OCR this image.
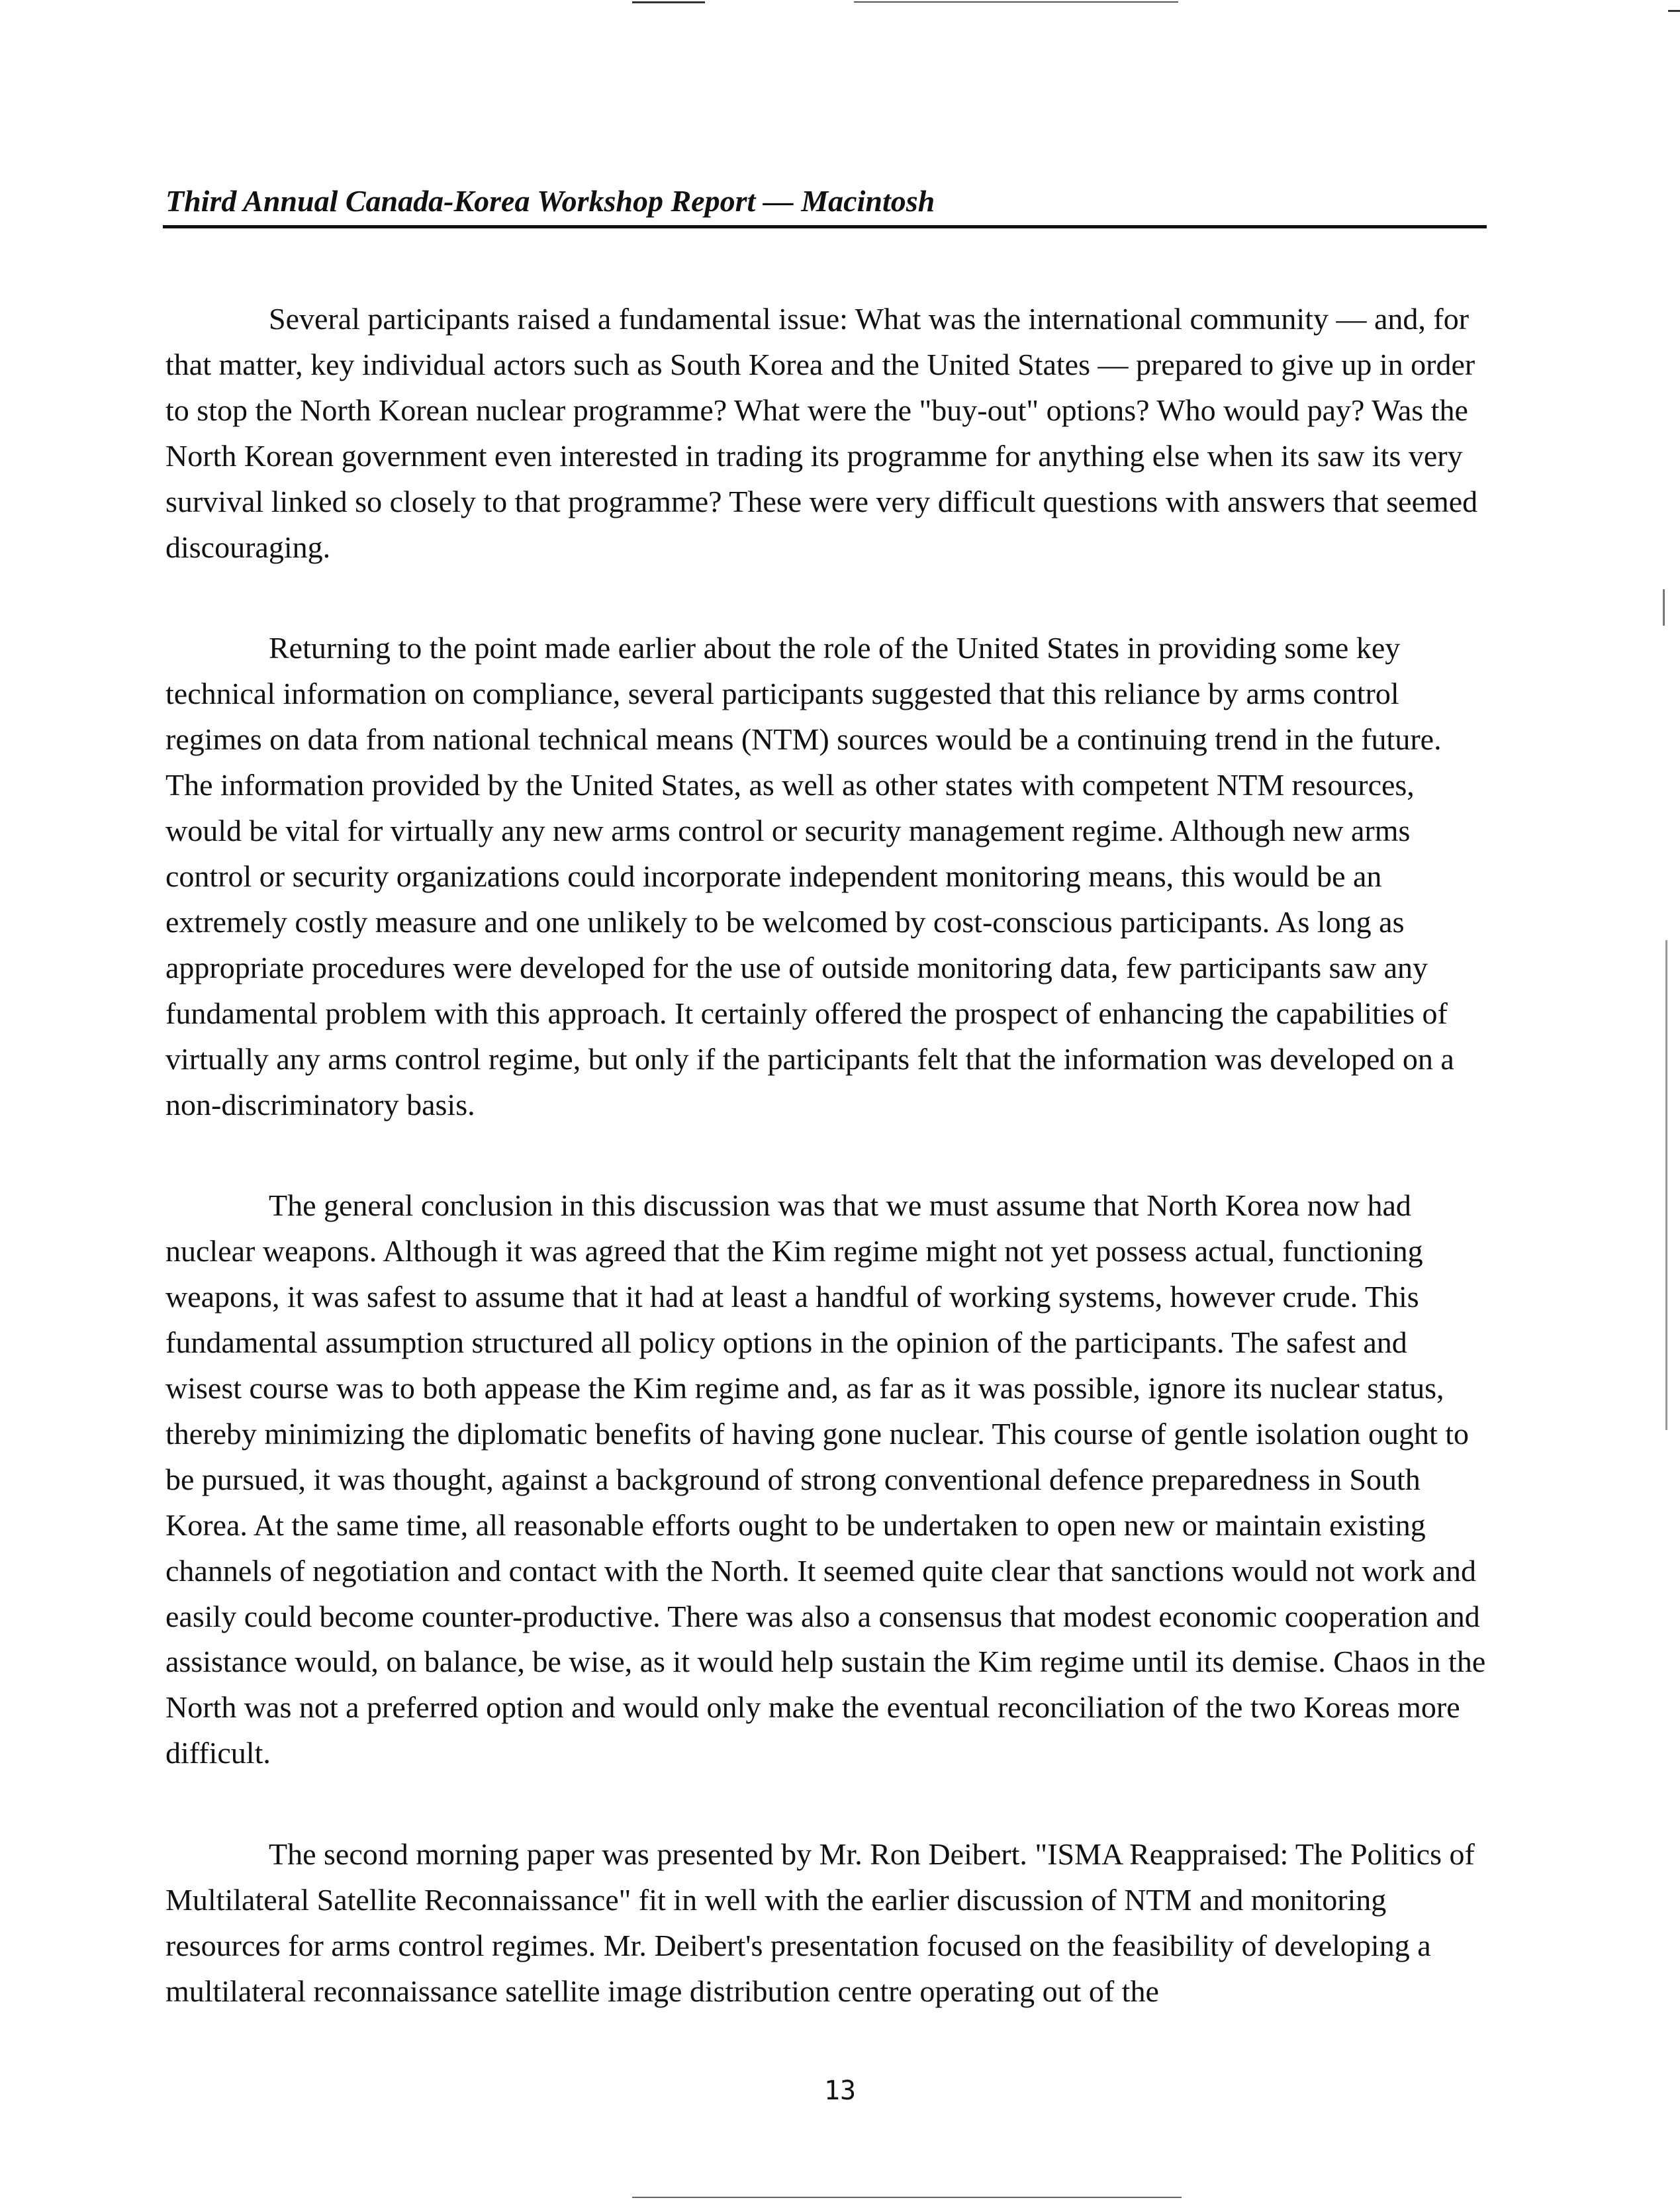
Third Annual Canada-Korea Workshop Report — Macintosh

Several participants raised a fundamental issue: What was the international community — and, for that matter, key individual actors such as South Korea and the United States — prepared to give up in order to stop the North Korean nuclear programme? What were the "buy-out" options? Who would pay? Was the North Korean government even interested in trading its programme for anything else when its saw its very survival linked so closely to that programme? These were very difficult questions with answers that seemed discouraging.

Returning to the point made earlier about the role of the United States in providing some key technical information on compliance, several participants suggested that this reliance by arms control regimes on data from national technical means (NTM) sources would be a continuing trend in the future. The information provided by the United States, as well as other states with competent NTM resources, would be vital for virtually any new arms control or security management regime. Although new arms control or security organizations could incorporate independent monitoring means, this would be an extremely costly measure and one unlikely to be welcomed by cost-conscious participants. As long as appropriate procedures were developed for the use of outside monitoring data, few participants saw any fundamental problem with this approach. It certainly offered the prospect of enhancing the capabilities of virtually any arms control regime, but only if the participants felt that the information was developed on a non-discriminatory basis.

The general conclusion in this discussion was that we must assume that North Korea now had nuclear weapons. Although it was agreed that the Kim regime might not yet possess actual, functioning weapons, it was safest to assume that it had at least a handful of working systems, however crude. This fundamental assumption structured all policy options in the opinion of the participants. The safest and wisest course was to both appease the Kim regime and, as far as it was possible, ignore its nuclear status, thereby minimizing the diplomatic benefits of having gone nuclear. This course of gentle isolation ought to be pursued, it was thought, against a background of strong conventional defence preparedness in South Korea. At the same time, all reasonable efforts ought to be undertaken to open new or maintain existing channels of negotiation and contact with the North. It seemed quite clear that sanctions would not work and easily could become counter-productive. There was also a consensus that modest economic cooperation and assistance would, on balance, be wise, as it would help sustain the Kim regime until its demise. Chaos in the North was not a preferred option and would only make the eventual reconciliation of the two Koreas more difficult.

The second morning paper was presented by Mr. Ron Deibert. "ISMA Reappraised: The Politics of Multilateral Satellite Reconnaissance" fit in well with the earlier discussion of NTM and monitoring resources for arms control regimes. Mr. Deibert's presentation focused on the feasibility of developing a multilateral reconnaissance satellite image distribution centre operating out of the

13
